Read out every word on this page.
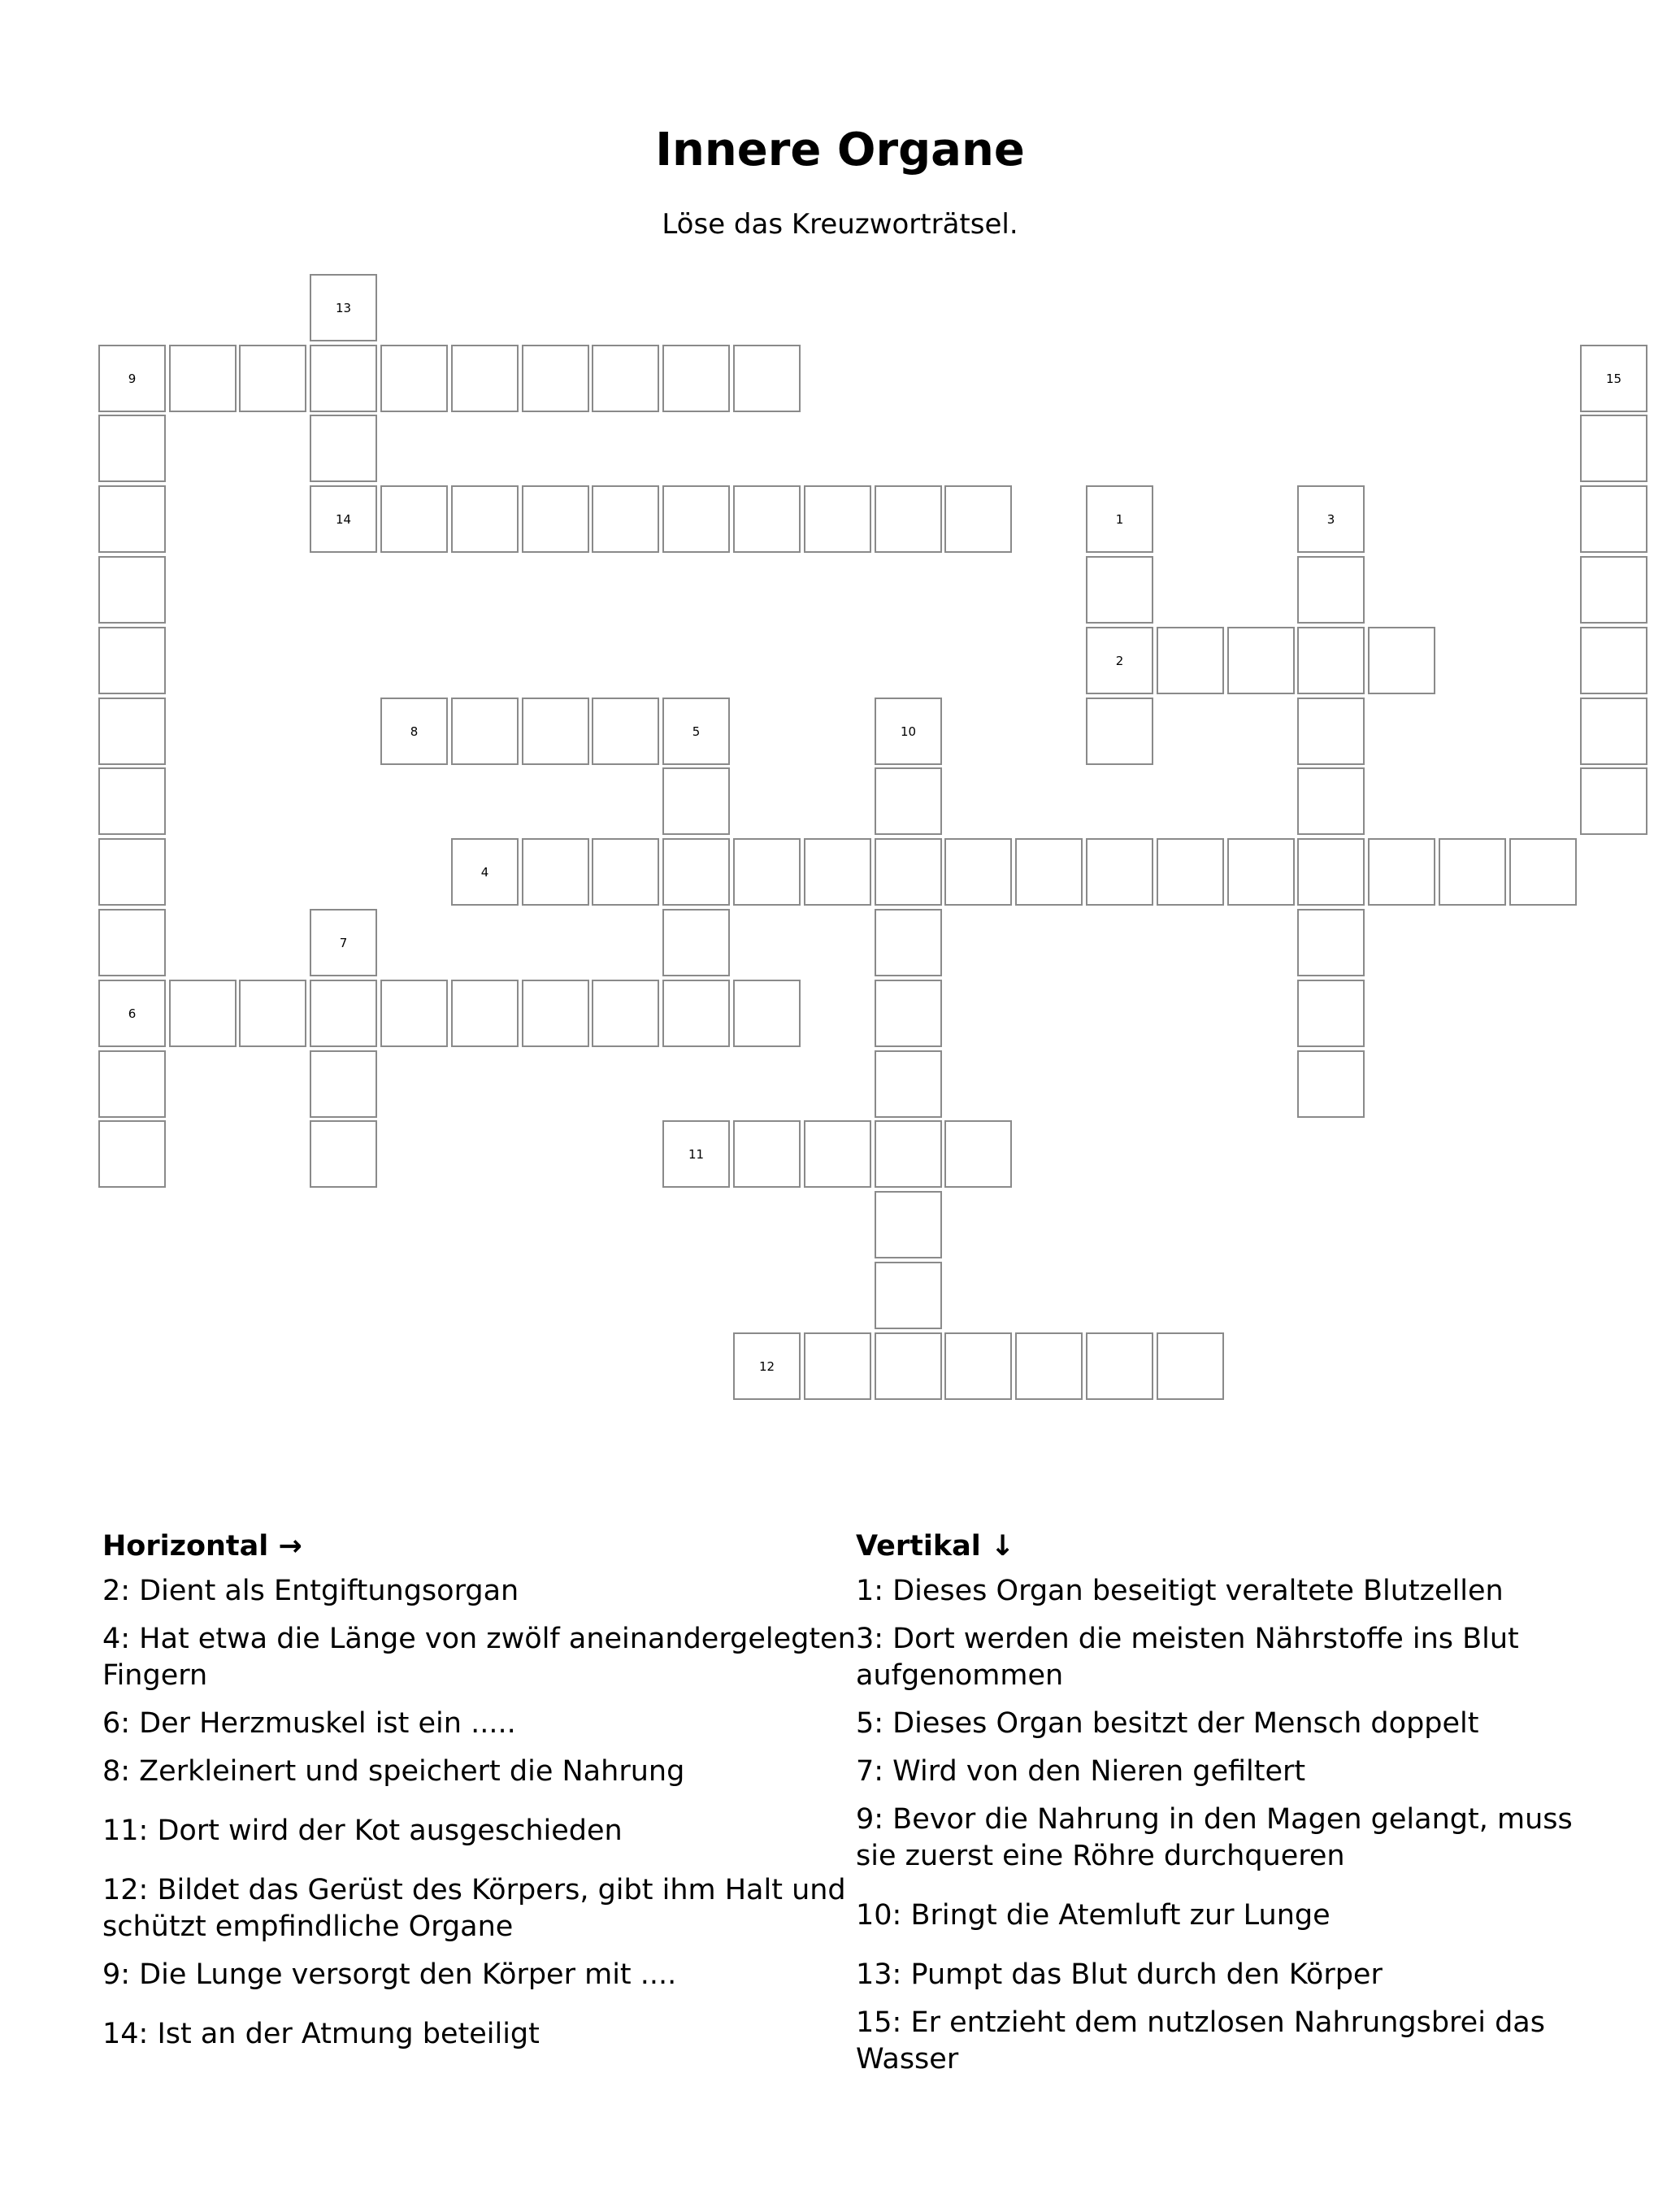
Innere Organe
Löse das Kreuzworträtsel.
13
9	15
14	1	3
2
8	5	10
4
7
6
11
12
Horizontal →
2: Dient als Entgiftungsorgan
4: Hat etwa die Länge von zwölf aneinandergelegten Fingern
6: Der Herzmuskel ist ein .....
8: Zerkleinert und speichert die Nahrung
11: Dort wird der Kot ausgeschieden
12: Bildet das Gerüst des Körpers, gibt ihm Halt und schützt empfindliche Organe
9: Die Lunge versorgt den Körper mit ....
14: Ist an der Atmung beteiligt
Vertikal ↓
1: Dieses Organ beseitigt veraltete Blutzellen
3: Dort werden die meisten Nährstoffe ins Blut aufgenommen
5: Dieses Organ besitzt der Mensch doppelt
7: Wird von den Nieren gefiltert
9: Bevor die Nahrung in den Magen gelangt, muss sie zuerst eine Röhre durchqueren
10: Bringt die Atemluft zur Lunge
13: Pumpt das Blut durch den Körper
15: Er entzieht dem nutzlosen Nahrungsbrei das Wasser
